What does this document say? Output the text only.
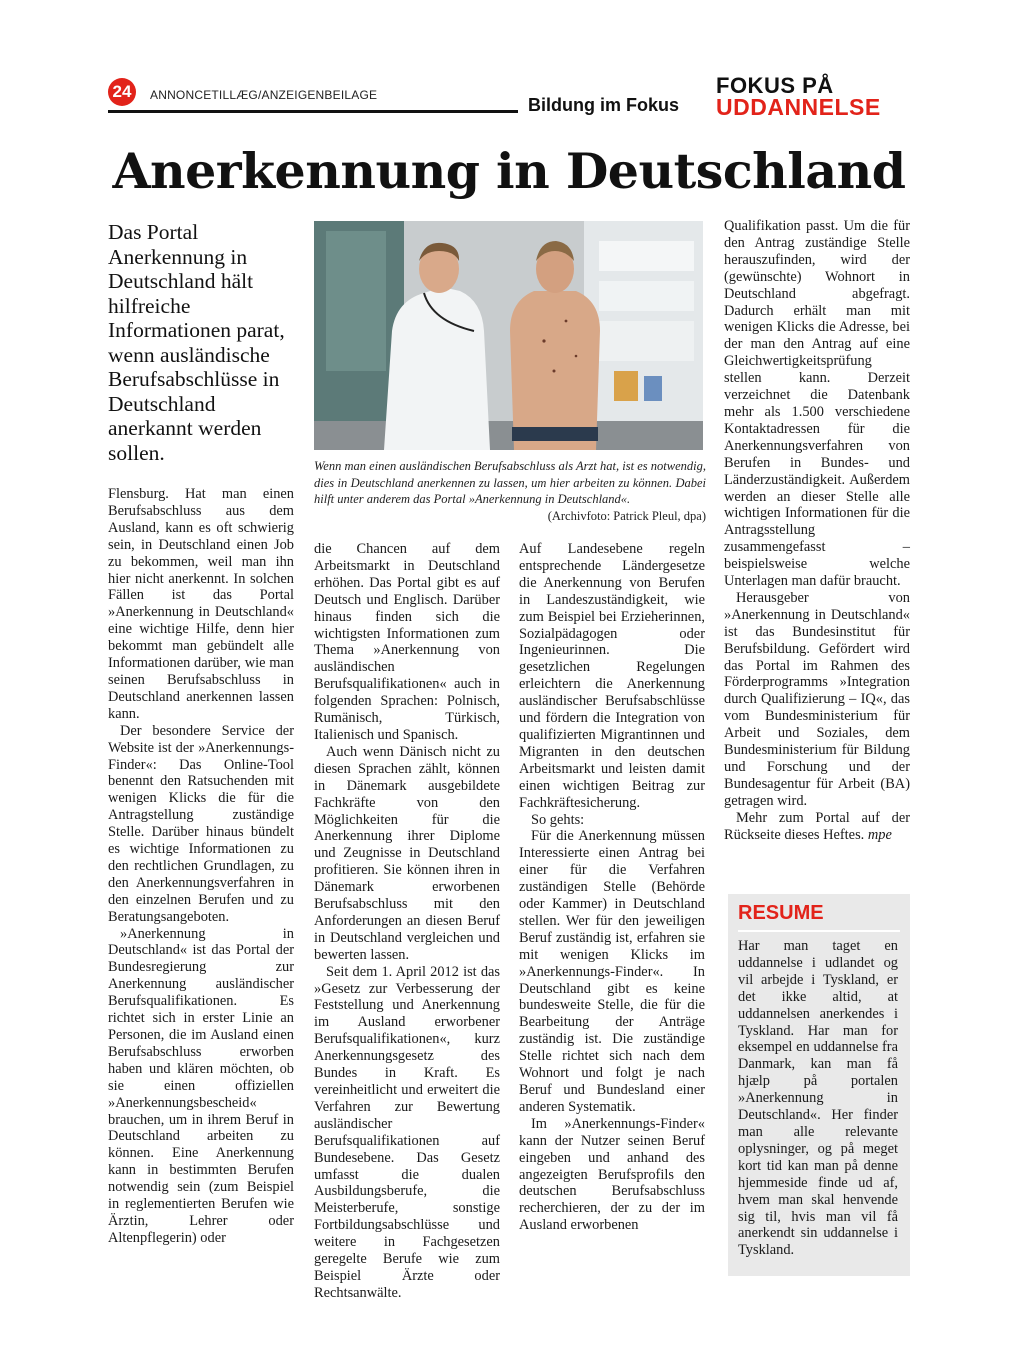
24	ANNONCETILLÆG/ANZEIGENBEILAGE	Bildung im Fokus
FOKUS PÅ
UDDANNELSE
Anerkennung in Deutschland

Das Portal Anerkennung in Deutschland hält hilfreiche Informationen parat, wenn ausländische Berufsabschlüsse in Deutschland anerkannt werden sollen.

Wenn man einen ausländischen Berufsabschluss als Arzt hat, ist es notwendig, dies in Deutschland anerkennen zu lassen, um hier arbeiten zu können. Dabei hilft unter anderem das Portal »Anerkennung in Deutschland«.
(Archivfoto: Patrick Pleul, dpa)

Flensburg. Hat man einen Berufsabschluss aus dem Ausland, kann es oft schwierig sein, in Deutschland einen Job zu bekommen, weil man ihn hier nicht anerkennt. In solchen Fällen ist das Portal »Anerkennung in Deutschland« eine wichtige Hilfe, denn hier bekommt man gebündelt alle Informationen darüber, wie man seinen Berufsabschluss in Deutschland anerkennen lassen kann.

Der besondere Service der Website ist der »Anerkennungs-Finder«: Das Online-Tool benennt den Ratsuchenden mit wenigen Klicks die für die Antragstellung zuständige Stelle. Darüber hinaus bündelt es wichtige Informationen zu den rechtlichen Grundlagen, zu den Anerkennungsverfahren in den einzelnen Berufen und zu Beratungsangeboten.

»Anerkennung in Deutschland« ist das Portal der Bundesregierung zur Anerkennung ausländischer Berufsqualifikationen. Es richtet sich in erster Linie an Personen, die im Ausland einen Berufsabschluss erworben haben und klären möchten, ob sie einen offiziellen »Anerkennungsbescheid« brauchen, um in ihrem Beruf in Deutschland arbeiten zu können. Eine Anerkennung kann in bestimmten Berufen notwendig sein (zum Beispiel in reglementierten Berufen wie Ärztin, Lehrer oder Altenpflegerin) oder

die Chancen auf dem Arbeitsmarkt in Deutschland erhöhen. Das Portal gibt es auf Deutsch und Englisch. Darüber hinaus finden sich die wichtigsten Informationen zum Thema »Anerkennung von ausländischen Berufsqualifikationen« auch in folgenden Sprachen: Polnisch, Rumänisch, Türkisch, Italienisch und Spanisch.

Auch wenn Dänisch nicht zu diesen Sprachen zählt, können in Dänemark ausgebildete Fachkräfte von den Möglichkeiten für die Anerkennung ihrer Diplome und Zeugnisse in Deutschland profitieren. Sie können ihren in Dänemark erworbenen Berufsabschluss mit den Anforderungen an diesen Beruf in Deutschland vergleichen und bewerten lassen.

Seit dem 1. April 2012 ist das »Gesetz zur Verbesserung der Feststellung und Anerkennung im Ausland erworbener Berufsqualifikationen«, kurz Anerkennungsgesetz des Bundes in Kraft. Es vereinheitlicht und erweitert die Verfahren zur Bewertung ausländischer Berufsqualifikationen auf Bundesebene. Das Gesetz umfasst die dualen Ausbildungsberufe, die Meisterberufe, sonstige Fortbildungsabschlüsse und weitere in Fachgesetzen geregelte Berufe wie zum Beispiel Ärzte oder Rechtsanwälte.

Auf Landesebene regeln entsprechende Ländergesetze die Anerkennung von Berufen in Landeszuständigkeit, wie zum Beispiel bei Erzieherinnen, Sozialpädagogen oder Ingenieurinnen. Die gesetzlichen Regelungen erleichtern die Anerkennung ausländischer Berufsabschlüsse und fördern die Integration von qualifizierten Migrantinnen und Migranten in den deutschen Arbeitsmarkt und leisten damit einen wichtigen Beitrag zur Fachkräftesicherung.

So gehts:

Für die Anerkennung müssen Interessierte einen Antrag bei einer für die Verfahren zuständigen Stelle (Behörde oder Kammer) in Deutschland stellen. Wer für den jeweiligen Beruf zuständig ist, erfahren sie mit wenigen Klicks im »Anerkennungs-Finder«. In Deutschland gibt es keine bundesweite Stelle, die für die Bearbeitung der Anträge zuständig ist. Die zuständige Stelle richtet sich nach dem Wohnort und folgt je nach Beruf und Bundesland einer anderen Systematik.

Im »Anerkennungs-Finder« kann der Nutzer seinen Beruf eingeben und anhand des angezeigten Berufsprofils den deutschen Berufsabschluss recherchieren, der zu der im Ausland erworbenen

Qualifikation passt. Um die für den Antrag zuständige Stelle herauszufinden, wird der (gewünschte) Wohnort in Deutschland abgefragt. Dadurch erhält man mit wenigen Klicks die Adresse, bei der man den Antrag auf eine Gleichwertigkeitsprüfung stellen kann. Derzeit verzeichnet die Datenbank mehr als 1.500 verschiedene Kontaktadressen für die Anerkennungsverfahren von Berufen in Bundes- und Länderzuständigkeit. Außerdem werden an dieser Stelle alle wichtigen Informationen für die Antragsstellung zusammengefasst – beispielsweise welche Unterlagen man dafür braucht.

Herausgeber von »Anerkennung in Deutschland« ist das Bundesinstitut für Berufsbildung. Gefördert wird das Portal im Rahmen des Förderprogramms »Integration durch Qualifizierung – IQ«, das vom Bundesministerium für Arbeit und Soziales, dem Bundesministerium für Bildung und Forschung und der Bundesagentur für Arbeit (BA) getragen wird.

Mehr zum Portal auf der Rückseite dieses Heftes. mpe

RESUME

Har man taget en uddannelse i udlandet og vil arbejde i Tyskland, er det ikke altid, at uddannelsen anerkendes i Tyskland. Har man for eksempel en uddannelse fra Danmark, kan man få hjælp på portalen »Anerkennung in Deutschland«. Her finder man alle relevante oplysninger, og på meget kort tid kan man på denne hjemmeside finde ud af, hvem man skal henvende sig til, hvis man vil få anerkendt sin uddannelse i Tyskland.
